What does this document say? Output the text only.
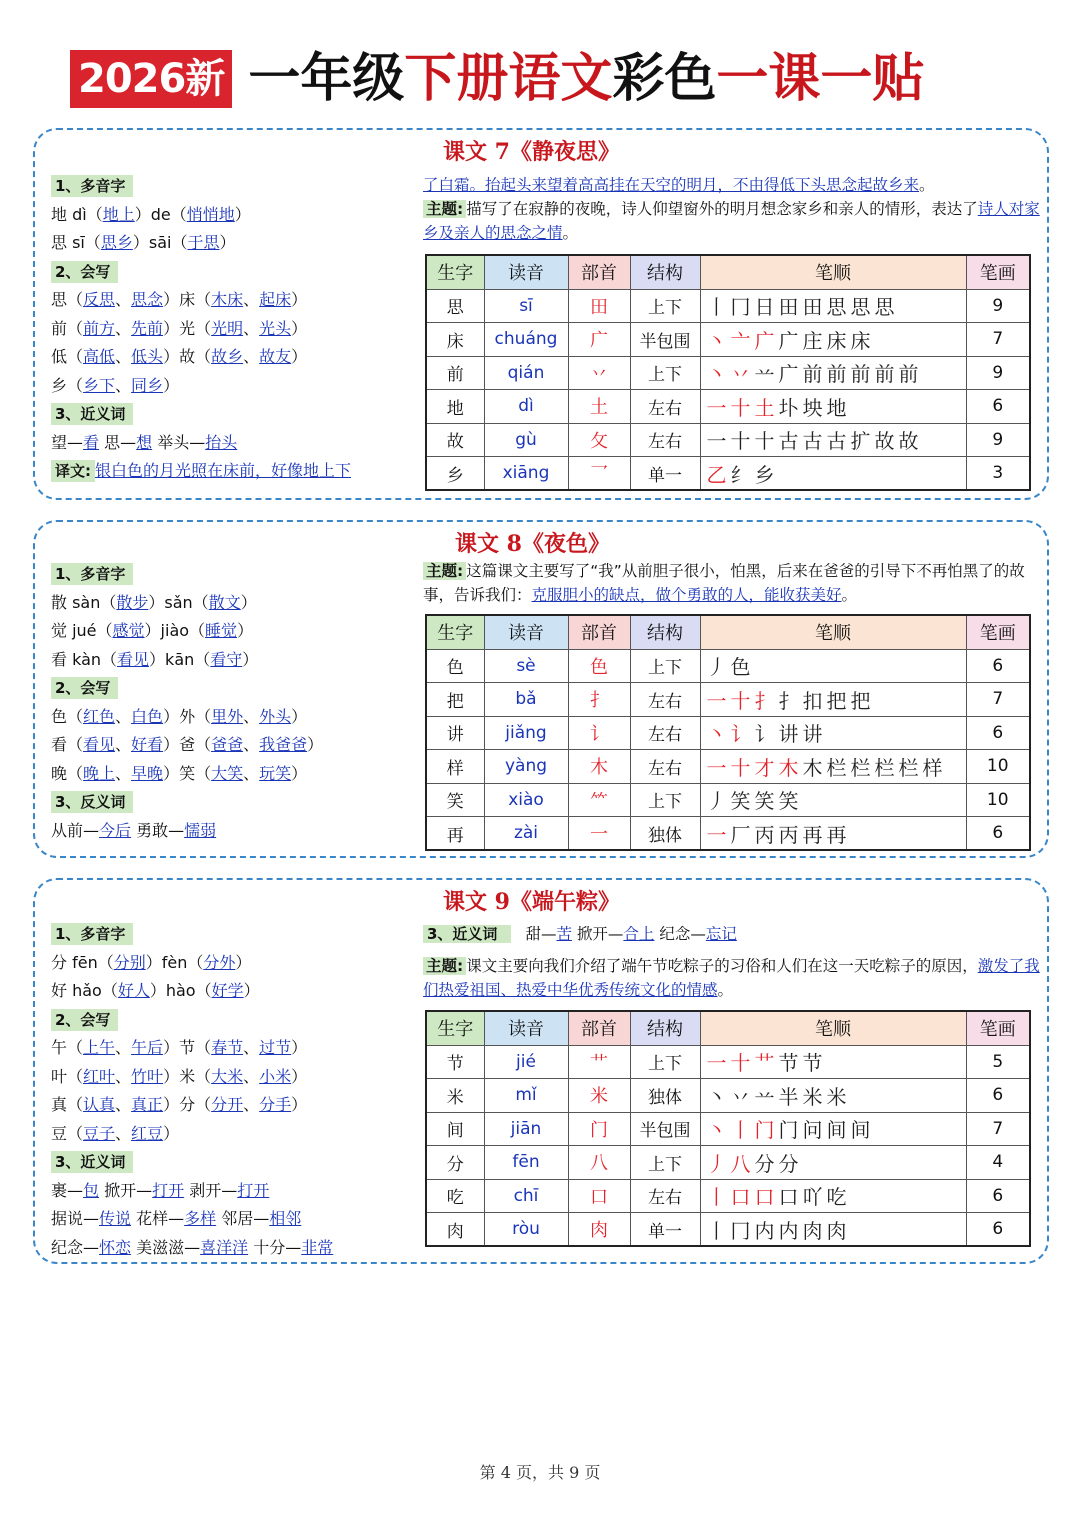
2026新 一年级下册语文彩色一课一贴
课文 7《静夜思》
1、多音字
地 dì（地上）de（悄悄地）
思 sī（思乡）sāi（于思）
2、会写
思（反思、思念）床（木床、起床）
前（前方、先前）光（光明、光头）
低（高低、低头）故（故乡、故友）
乡（乡下、同乡）
3、近义词
望—看 思—想 举头—抬头
译文: 银白色的月光照在床前，好像地上下
了白霜。抬起头来望着高高挂在天空的明月，不由得低下头思念起故乡来。
主题: 描写了在寂静的夜晚，诗人仰望窗外的明月想念家乡和亲人的情形，表达了诗人对家乡及亲人的思念之情。
生字	读音	部首	结构	笔顺	笔画
思	sī	田	上下	丨冂日田田思思思	9
床	chuáng	广	半包围	丶亠广广庄床床	7
前	qián	丷	上下	丶丷䒑广前前前前前	9
地	dì	土	左右	一十土圤坱地	6
故	gù	攵	左右	一十十古古古扩故故	9
乡	xiāng	乛	单一	乙纟乡	3
课文 8《夜色》
1、多音字
散 sàn（散步）sǎn（散文）
觉 jué（感觉）jiào（睡觉）
看 kàn（看见）kān（看守）
2、会写
色（红色、白色）外（里外、外头）
看（看见、好看）爸（爸爸、我爸爸）
晚（晚上、早晚）笑（大笑、玩笑）
3、反义词
从前—今后 勇敢—懦弱
主题: 这篇课文主要写了“我”从前胆子很小，怕黑，后来在爸爸的引导下不再怕黑了的故事，告诉我们：克服胆小的缺点，做个勇敢的人，能收获美好。
生字	读音	部首	结构	笔顺	笔画
色	sè	色	上下	丿色	6
把	bǎ	扌	左右	一十扌扌扣把把	7
讲	jiǎng	讠	左右	丶讠讠讲讲	6
样	yàng	木	左右	一十才木木栏栏栏栏样	10
笑	xiào	⺮	上下	丿笑笑笑	10
再	zài	一	独体	一厂丙丙再再	6
课文 9《端午粽》
1、多音字
分 fēn（分别）fèn（分外）
好 hǎo（好人）hào（好学）
2、会写
午（上午、午后）节（春节、过节）
叶（红叶、竹叶）米（大米、小米）
真（认真、真正）分（分开、分手）
豆（豆子、红豆）
3、近义词
裹—包 掀开—打开 剥开—打开
据说—传说 花样—多样 邻居—相邻
纪念—怀恋 美滋滋—喜洋洋 十分—非常
3、近义词 甜—苦 掀开—合上 纪念—忘记
主题: 课文主要向我们介绍了端午节吃粽子的习俗和人们在这一天吃粽子的原因，激发了我们热爱祖国、热爱中华优秀传统文化的情感。
生字	读音	部首	结构	笔顺	笔画
节	jié	艹	上下	一十艹节节	5
米	mǐ	米	独体	丶丷䒑半米米	6
间	jiān	门	半包围	丶丨门门问间间	7
分	fēn	八	上下	丿八分分	4
吃	chī	口	左右	丨口口口吖吃	6
肉	ròu	肉	单一	丨冂内内肉肉	6
第 4 页，共 9 页
